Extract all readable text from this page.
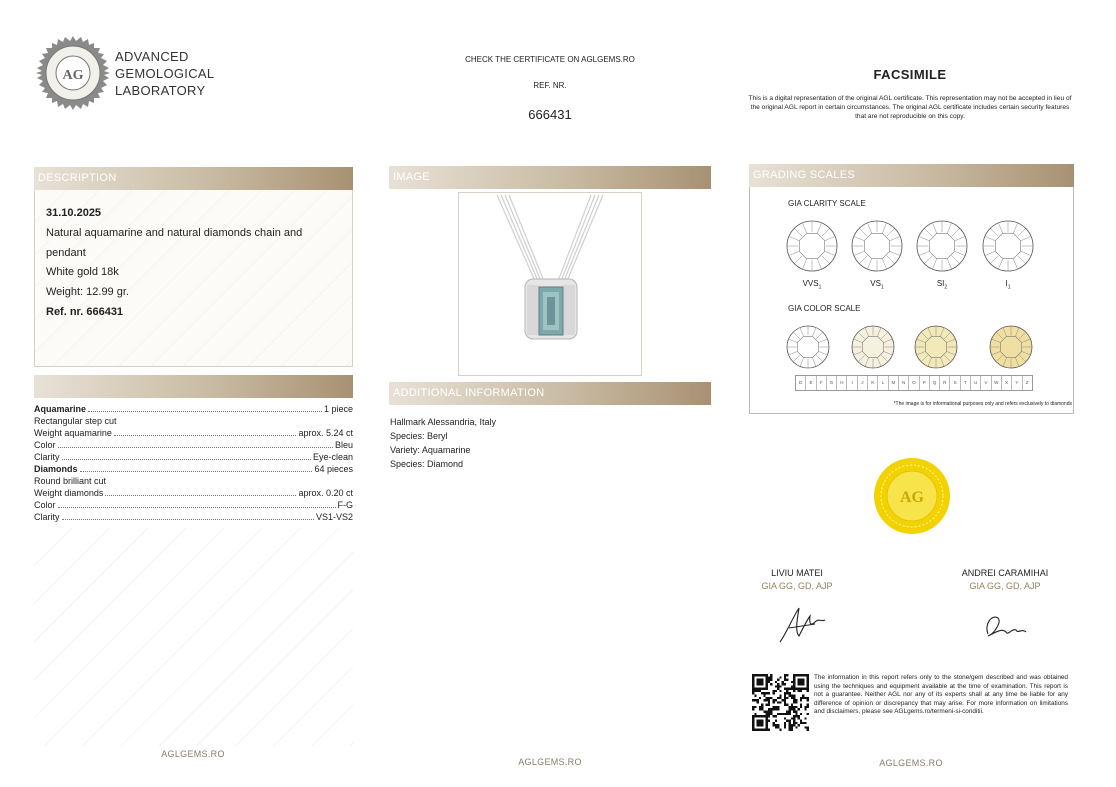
AG
ADVANCED
GEMOLOGICAL
LABORATORY
CHECK THE CERTIFICATE ON AGLGEMS.RO
REF. NR.
666431
FACSIMILE
This is a digital representation of the original AGL certificate. This representation may not be accepted in lieu of the original AGL report in certain circumstances. The original AGL certificate includes certain security features that are not reproducible on this copy.
DESCRIPTION
31.10.2025
Natural aquamarine and natural diamonds chain and
pendant
White gold 18k
Weight: 12.99 gr.
Ref. nr. 666431
Aquamarine	1 piece
Rectangular step cut
Weight aquamarine	aprox. 5.24 ct
Color	Bleu
Clarity	Eye-clean
Diamonds	64 pieces
Round brilliant cut
Weight diamonds	aprox. 0.20 ct
Color	F-G
Clarity	VS1-VS2
IMAGE
ADDITIONAL INFORMATION
Hallmark Alessandria, Italy
Species: Beryl
Variety: Aquamarine
Species: Diamond
GRADING SCALES
GIA CLARITY SCALE
$VVS_1$	$VS_1$	$SI_2$	$I_1$
GIA COLOR SCALE
D	E	F	G	H	I	J	K	L	M	N	O	P	Q	R	S	T	U	V	W	X	Y	Z
*The image is for informational purposes only and refers exclusively to diamonds
AG
LIVIU MATEI
GIA GG, GD, AJP
ANDREI CARAMIHAI
GIA GG, GD, AJP
The information in this report refers only to the stone/gem described and was obtained using the techniques and equipment available at the time of examination. This report is not a guarantee. Neither AGL nor any of its experts shall at any time be liable for any difference of opinion or discrepancy that may arise. For more information on limitations and disclaimers, please see AGLgems.ro/termeni-si-conditii.
AGLGEMS.RO
AGLGEMS.RO	AGLGEMS.RO
